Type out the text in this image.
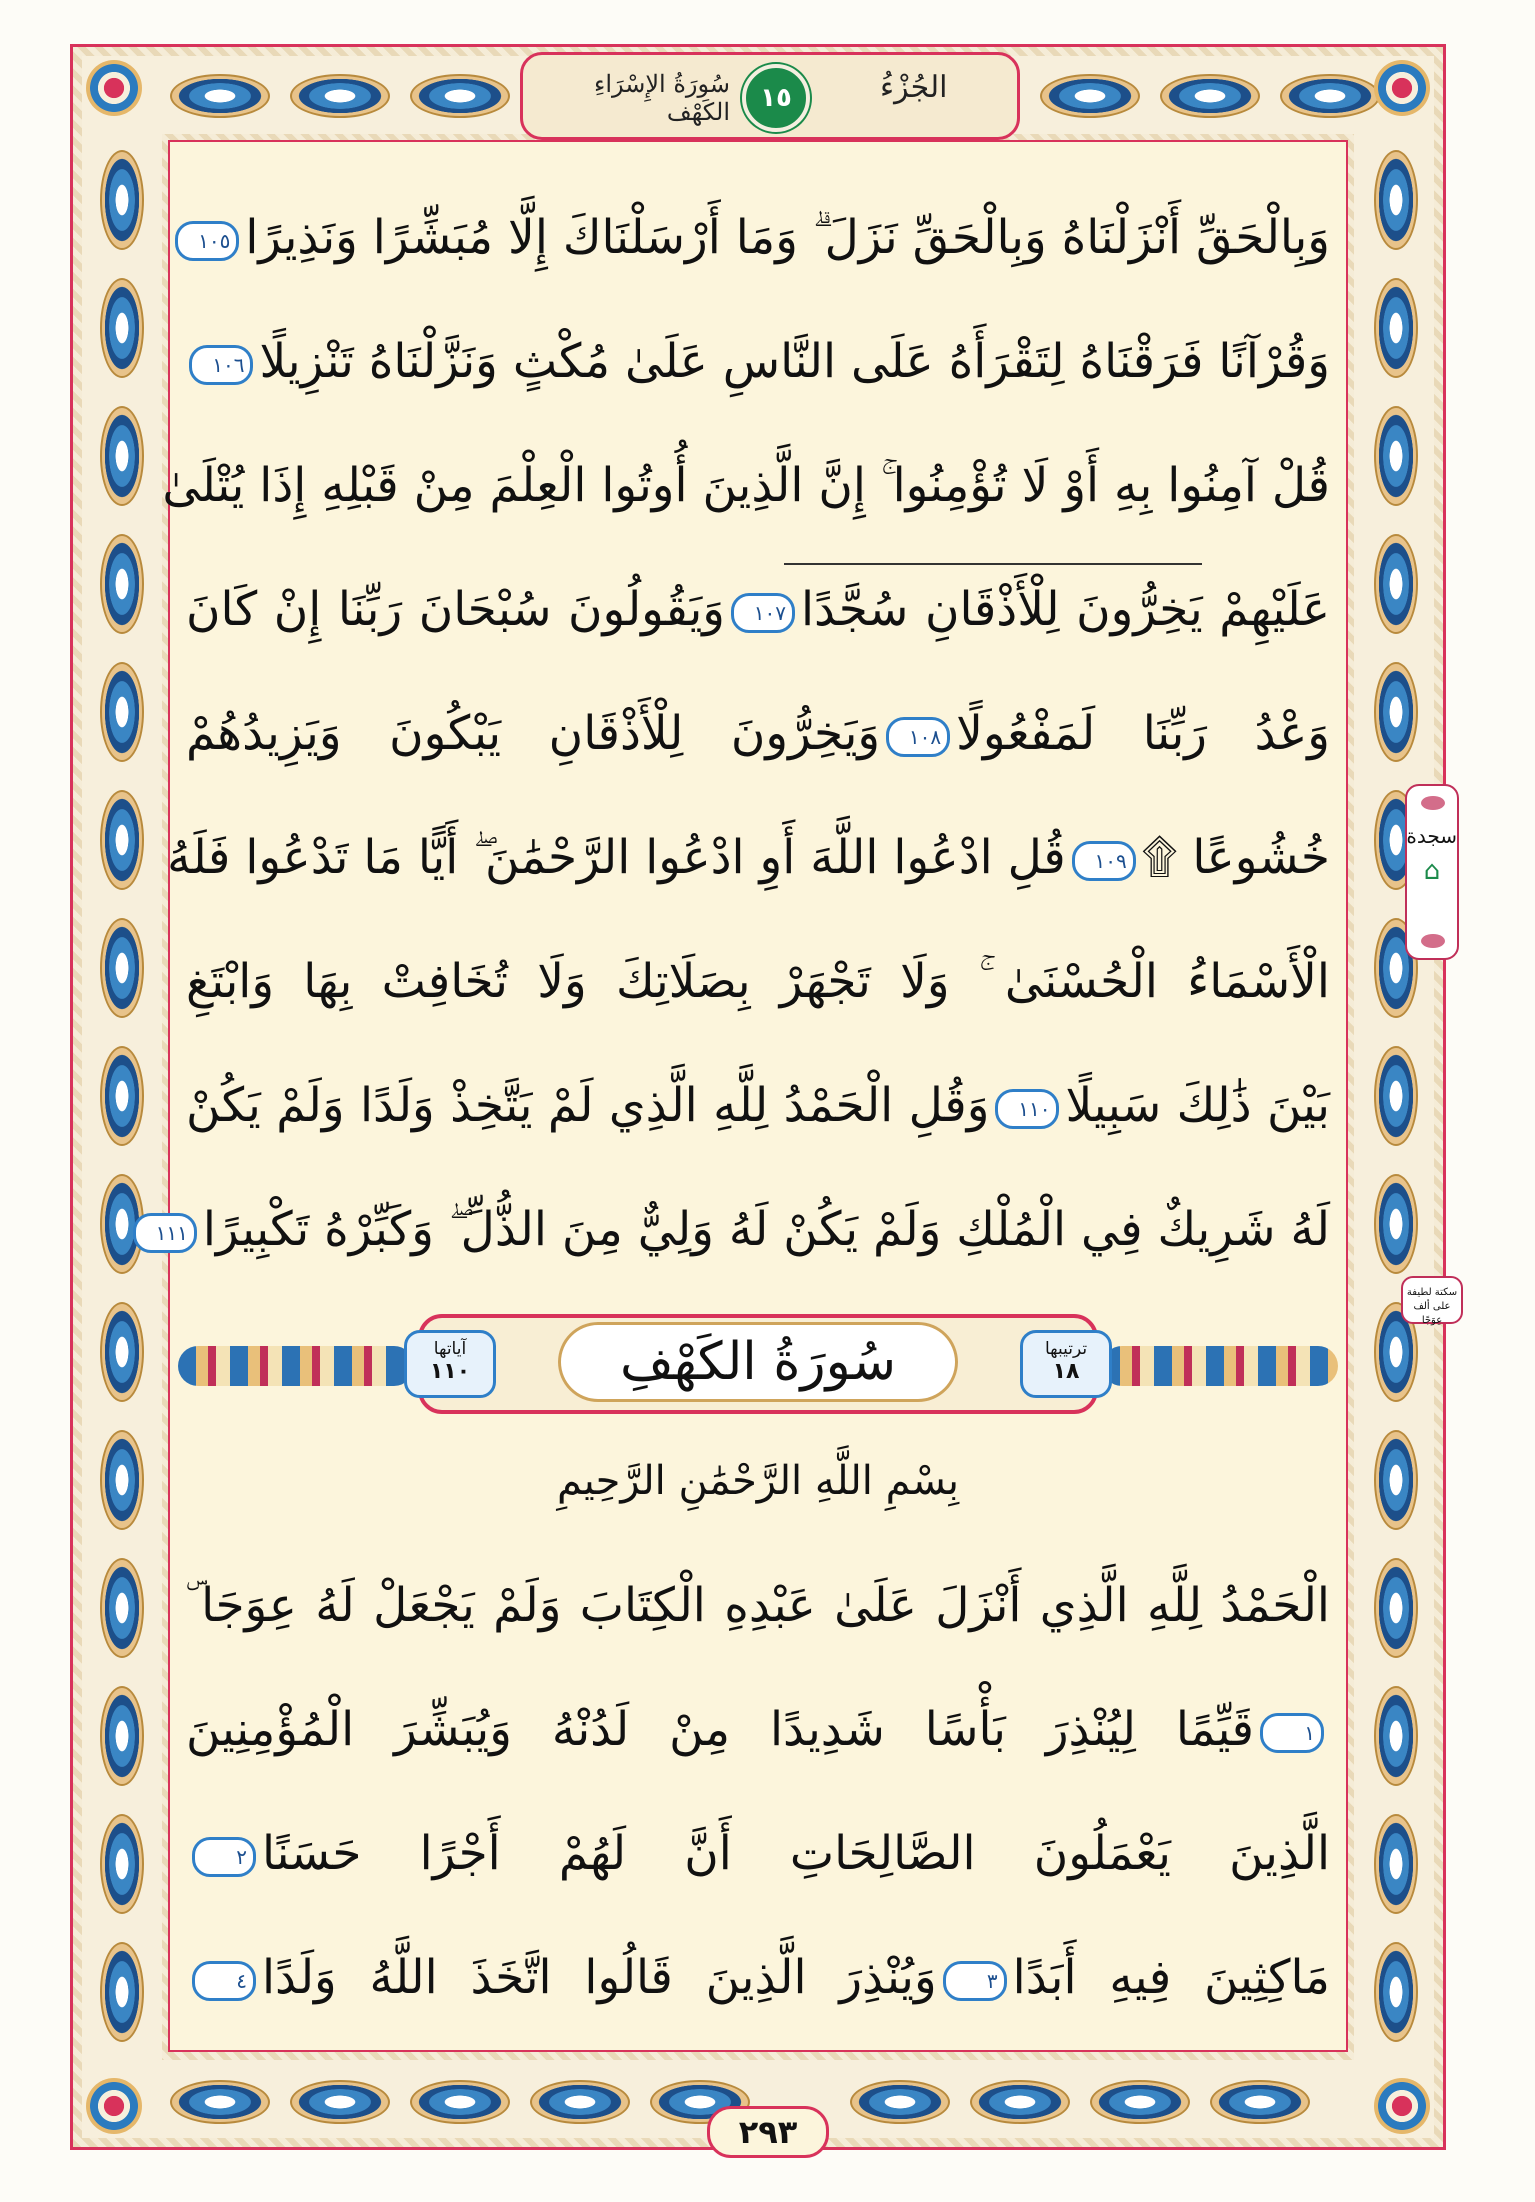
الجُزْءُ
١٥
سُورَةُ الإِسْرَاءِ الكَهْف
وَبِالْحَقِّ أَنْزَلْنَاهُ وَبِالْحَقِّ نَزَلَ ۗ وَمَا أَرْسَلْنَاكَ إِلَّا مُبَشِّرًا وَنَذِيرًا١٠٥
وَقُرْآنًا فَرَقْنَاهُ لِتَقْرَأَهُ عَلَى النَّاسِ عَلَىٰ مُكْثٍ وَنَزَّلْنَاهُ تَنْزِيلًا١٠٦
قُلْ آمِنُوا بِهِ أَوْ لَا تُؤْمِنُوا ۚ إِنَّ الَّذِينَ أُوتُوا الْعِلْمَ مِنْ قَبْلِهِ إِذَا يُتْلَىٰ
عَلَيْهِمْ يَخِرُّونَ لِلْأَذْقَانِ سُجَّدًا١٠٧وَيَقُولُونَ سُبْحَانَ رَبِّنَا إِنْ كَانَ
وَعْدُ رَبِّنَا لَمَفْعُولًا١٠٨وَيَخِرُّونَ لِلْأَذْقَانِ يَبْكُونَ وَيَزِيدُهُمْ
خُشُوعًا ۩١٠٩قُلِ ادْعُوا اللَّهَ أَوِ ادْعُوا الرَّحْمَٰنَ ۖ أَيًّا مَا تَدْعُوا فَلَهُ
الْأَسْمَاءُ الْحُسْنَىٰ ۚ وَلَا تَجْهَرْ بِصَلَاتِكَ وَلَا تُخَافِتْ بِهَا وَابْتَغِ
بَيْنَ ذَٰلِكَ سَبِيلًا١١٠وَقُلِ الْحَمْدُ لِلَّهِ الَّذِي لَمْ يَتَّخِذْ وَلَدًا وَلَمْ يَكُنْ
لَهُ شَرِيكٌ فِي الْمُلْكِ وَلَمْ يَكُنْ لَهُ وَلِيٌّ مِنَ الذُّلِّ ۖ وَكَبِّرْهُ تَكْبِيرًا١١١
سُورَةُ الكَهْفِ	ترتيبها
١٨
آياتها
١١٠
بِسْمِ اللَّهِ الرَّحْمَٰنِ الرَّحِيمِ
الْحَمْدُ لِلَّهِ الَّذِي أَنْزَلَ عَلَىٰ عَبْدِهِ الْكِتَابَ وَلَمْ يَجْعَلْ لَهُ عِوَجَا ۜ
١قَيِّمًا لِيُنْذِرَ بَأْسًا شَدِيدًا مِنْ لَدُنْهُ وَيُبَشِّرَ الْمُؤْمِنِينَ
الَّذِينَ يَعْمَلُونَ الصَّالِحَاتِ أَنَّ لَهُمْ أَجْرًا حَسَنًا٢
مَاكِثِينَ فِيهِ أَبَدًا٣وَيُنْذِرَ الَّذِينَ قَالُوا اتَّخَذَ اللَّهُ وَلَدًا٤
سجدة
⌂
سكتة لطيفة على ألف عِوَجًا
٢٩٣
